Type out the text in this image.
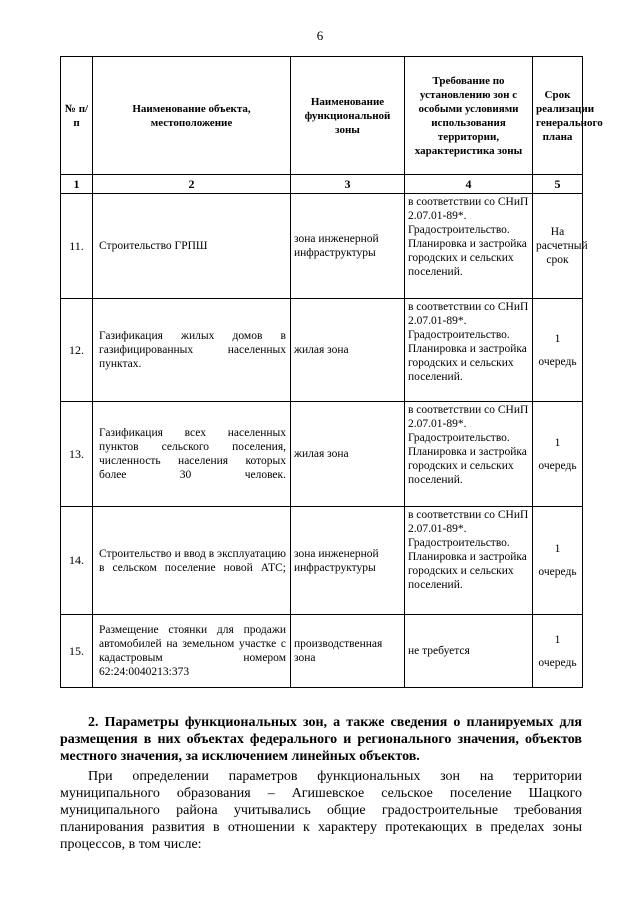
6
№ п/п	Наименование объекта, местоположение	Наименование функциональной зоны	Требование по установлению зон с особыми условиями использования территории, характеристика зоны	Срок реализации генерального плана
1	2	3	4	5
11.	Строительство ГРПШ	зона инженерной инфраструктуры	в соответствии со СНиП 2.07.01-89*. Градостроительство. Планировка и застройка городских и сельских поселений.	На
расчетный срок
12.	Газификация жилых домов в газифицированных населенных пунктах.	жилая зона	в соответствии со СНиП 2.07.01-89*. Градостроительство. Планировка и застройка городских и сельских поселений.	1
очередь
13.	Газификация всех населенных пунктов сельского поселения, численность населения которых более 30 человек.	жилая зона	в соответствии со СНиП 2.07.01-89*. Градостроительство. Планировка и застройка городских и сельских поселений.	1
очередь
14.	Строительство и ввод в эксплуатацию в сельском поселение новой АТС;	зона инженерной инфраструктуры	в соответствии со СНиП 2.07.01-89*. Градостроительство. Планировка и застройка городских и сельских поселений.	1
очередь
15.	Размещение стоянки для продажи автомобилей на земельном участке с кадастровым номером 62:24:0040213:373	производственная зона	не требуется	1
очередь

2. Параметры функциональных зон, а также сведения о планируемых для размещения в них объектах федерального и регионального значения, объектов местного значения, за исключением линейных объектов.

При определении параметров функциональных зон на территории муниципального образования – Агишевское сельское поселение Шацкого муниципального района учитывались общие градостроительные требования планирования развития в отношении к характеру протекающих в пределах зоны процессов, в том числе:
